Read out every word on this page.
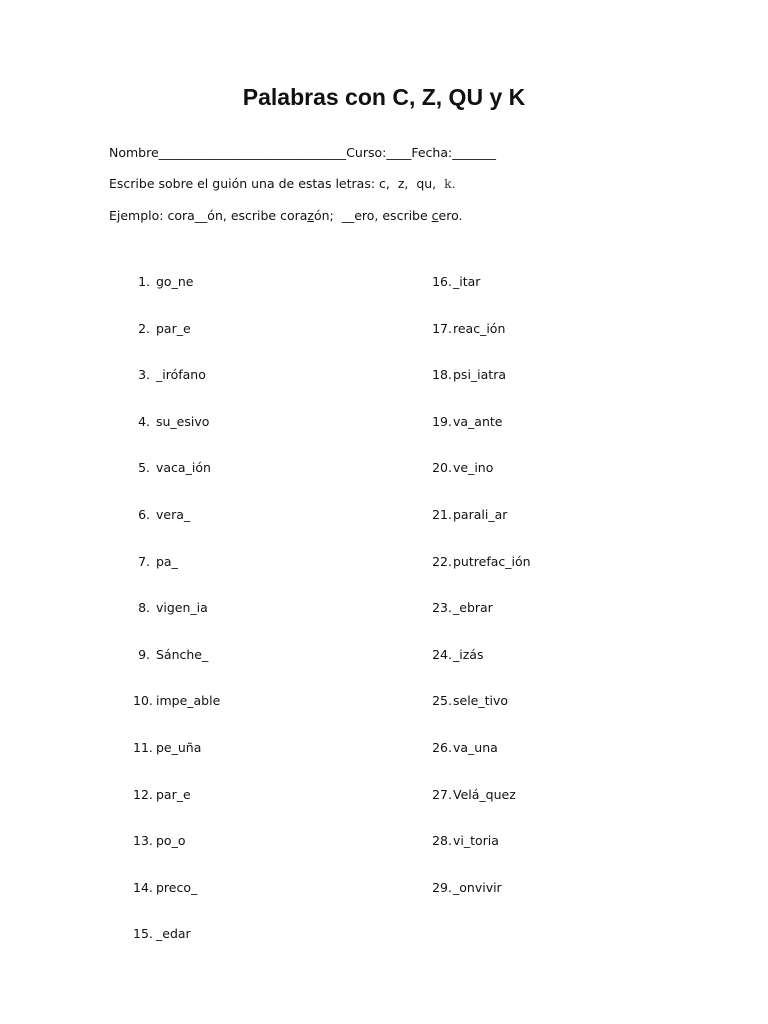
Palabras con C, Z, QU y K
Nombre______________________________Curso:____Fecha:_______
Escribe sobre el guión una de estas letras: c, z, qu, k.
Ejemplo: cora__ón, escribe corazón;  __ero, escribe cero.
1. go_ne
2. par_e
3. _irófano
4. su_esivo
5. vaca_ión
6. vera_
7. pa_
8. vigen_ia
9. Sánche_
10. impe_able
11. pe_uña
12. par_e
13. po_o
14. preco_
15. _edar
16._itar
17.reac_ión
18.psi_iatra
19.va_ante
20.ve_ino
21.parali_ar
22.putrefac_ión
23._ebrar
24._izás
25.sele_tivo
26.va_una
27.Velá_quez
28.vi_toria
29._onvivir
